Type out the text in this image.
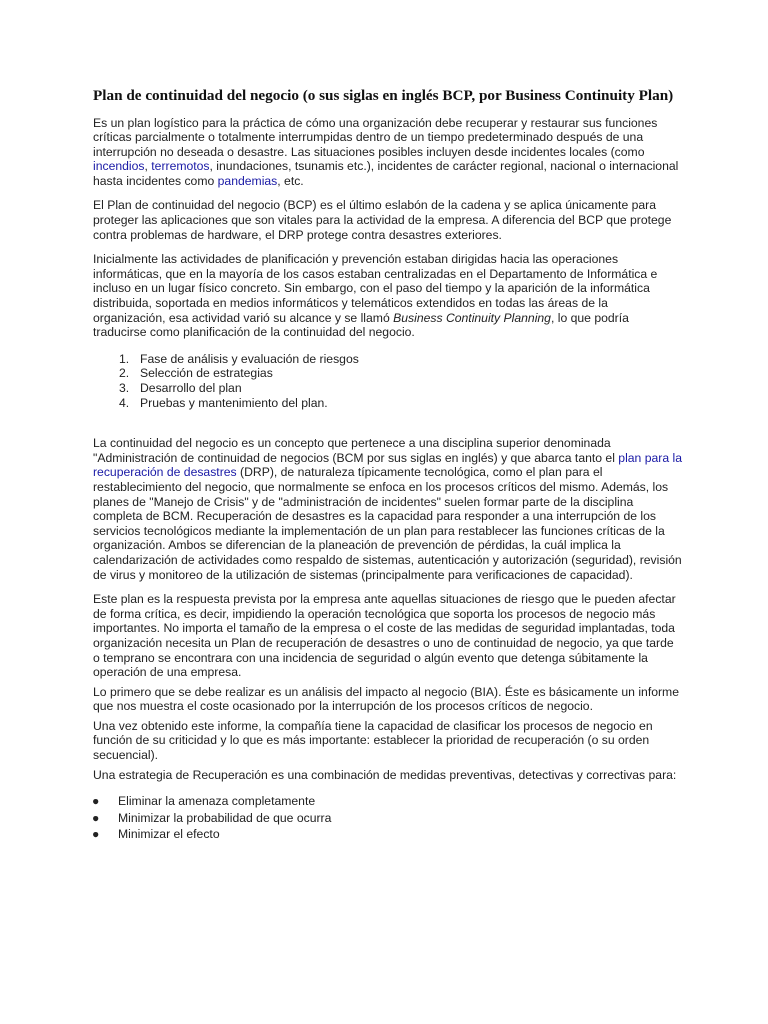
Plan de continuidad del negocio (o sus siglas en inglés BCP, por Business Continuity Plan)

Es un plan logístico para la práctica de cómo una organización debe recuperar y restaurar sus funciones críticas parcialmente o totalmente interrumpidas dentro de un tiempo predeterminado después de una interrupción no deseada o desastre. Las situaciones posibles incluyen desde incidentes locales (como incendios, terremotos, inundaciones, tsunamis etc.), incidentes de carácter regional, nacional o internacional hasta incidentes como pandemias, etc.

El Plan de continuidad del negocio (BCP) es el último eslabón de la cadena y se aplica únicamente para proteger las aplicaciones que son vitales para la actividad de la empresa. A diferencia del BCP que protege contra problemas de hardware, el DRP protege contra desastres exteriores.

Inicialmente las actividades de planificación y prevención estaban dirigidas hacia las operaciones informáticas, que en la mayoría de los casos estaban centralizadas en el Departamento de Informática e incluso en un lugar físico concreto. Sin embargo, con el paso del tiempo y la aparición de la informática distribuida, soportada en medios informáticos y telemáticos extendidos en todas las áreas de la organización, esa actividad varió su alcance y se llamó Business Continuity Planning, lo que podría traducirse como planificación de la continuidad del negocio.

1. Fase de análisis y evaluación de riesgos
2. Selección de estrategias
3. Desarrollo del plan
4. Pruebas y mantenimiento del plan.

La continuidad del negocio es un concepto que pertenece a una disciplina superior denominada "Administración de continuidad de negocios (BCM por sus siglas en inglés) y que abarca tanto el plan para la recuperación de desastres (DRP), de naturaleza típicamente tecnológica, como el plan para el restablecimiento del negocio, que normalmente se enfoca en los procesos críticos del mismo. Además, los planes de "Manejo de Crisis" y de "administración de incidentes" suelen formar parte de la disciplina completa de BCM. Recuperación de desastres es la capacidad para responder a una interrupción de los servicios tecnológicos mediante la implementación de un plan para restablecer las funciones críticas de la organización. Ambos se diferencian de la planeación de prevención de pérdidas, la cuál implica la calendarización de actividades como respaldo de sistemas, autenticación y autorización (seguridad), revisión de virus y monitoreo de la utilización de sistemas (principalmente para verificaciones de capacidad).

Este plan es la respuesta prevista por la empresa ante aquellas situaciones de riesgo que le pueden afectar de forma crítica, es decir, impidiendo la operación tecnológica que soporta los procesos de negocio más importantes. No importa el tamaño de la empresa o el coste de las medidas de seguridad implantadas, toda organización necesita un Plan de recuperación de desastres o uno de continuidad de negocio, ya que tarde o temprano se encontrara con una incidencia de seguridad o algún evento que detenga súbitamente la operación de una empresa.

Lo primero que se debe realizar es un análisis del impacto al negocio (BIA). Éste es básicamente un informe que nos muestra el coste ocasionado por la interrupción de los procesos críticos de negocio.

Una vez obtenido este informe, la compañía tiene la capacidad de clasificar los procesos de negocio en función de su criticidad y lo que es más importante: establecer la prioridad de recuperación (o su orden secuencial).

Una estrategia de Recuperación es una combinación de medidas preventivas, detectivas y correctivas para:

● Eliminar la amenaza completamente
● Minimizar la probabilidad de que ocurra
● Minimizar el efecto
